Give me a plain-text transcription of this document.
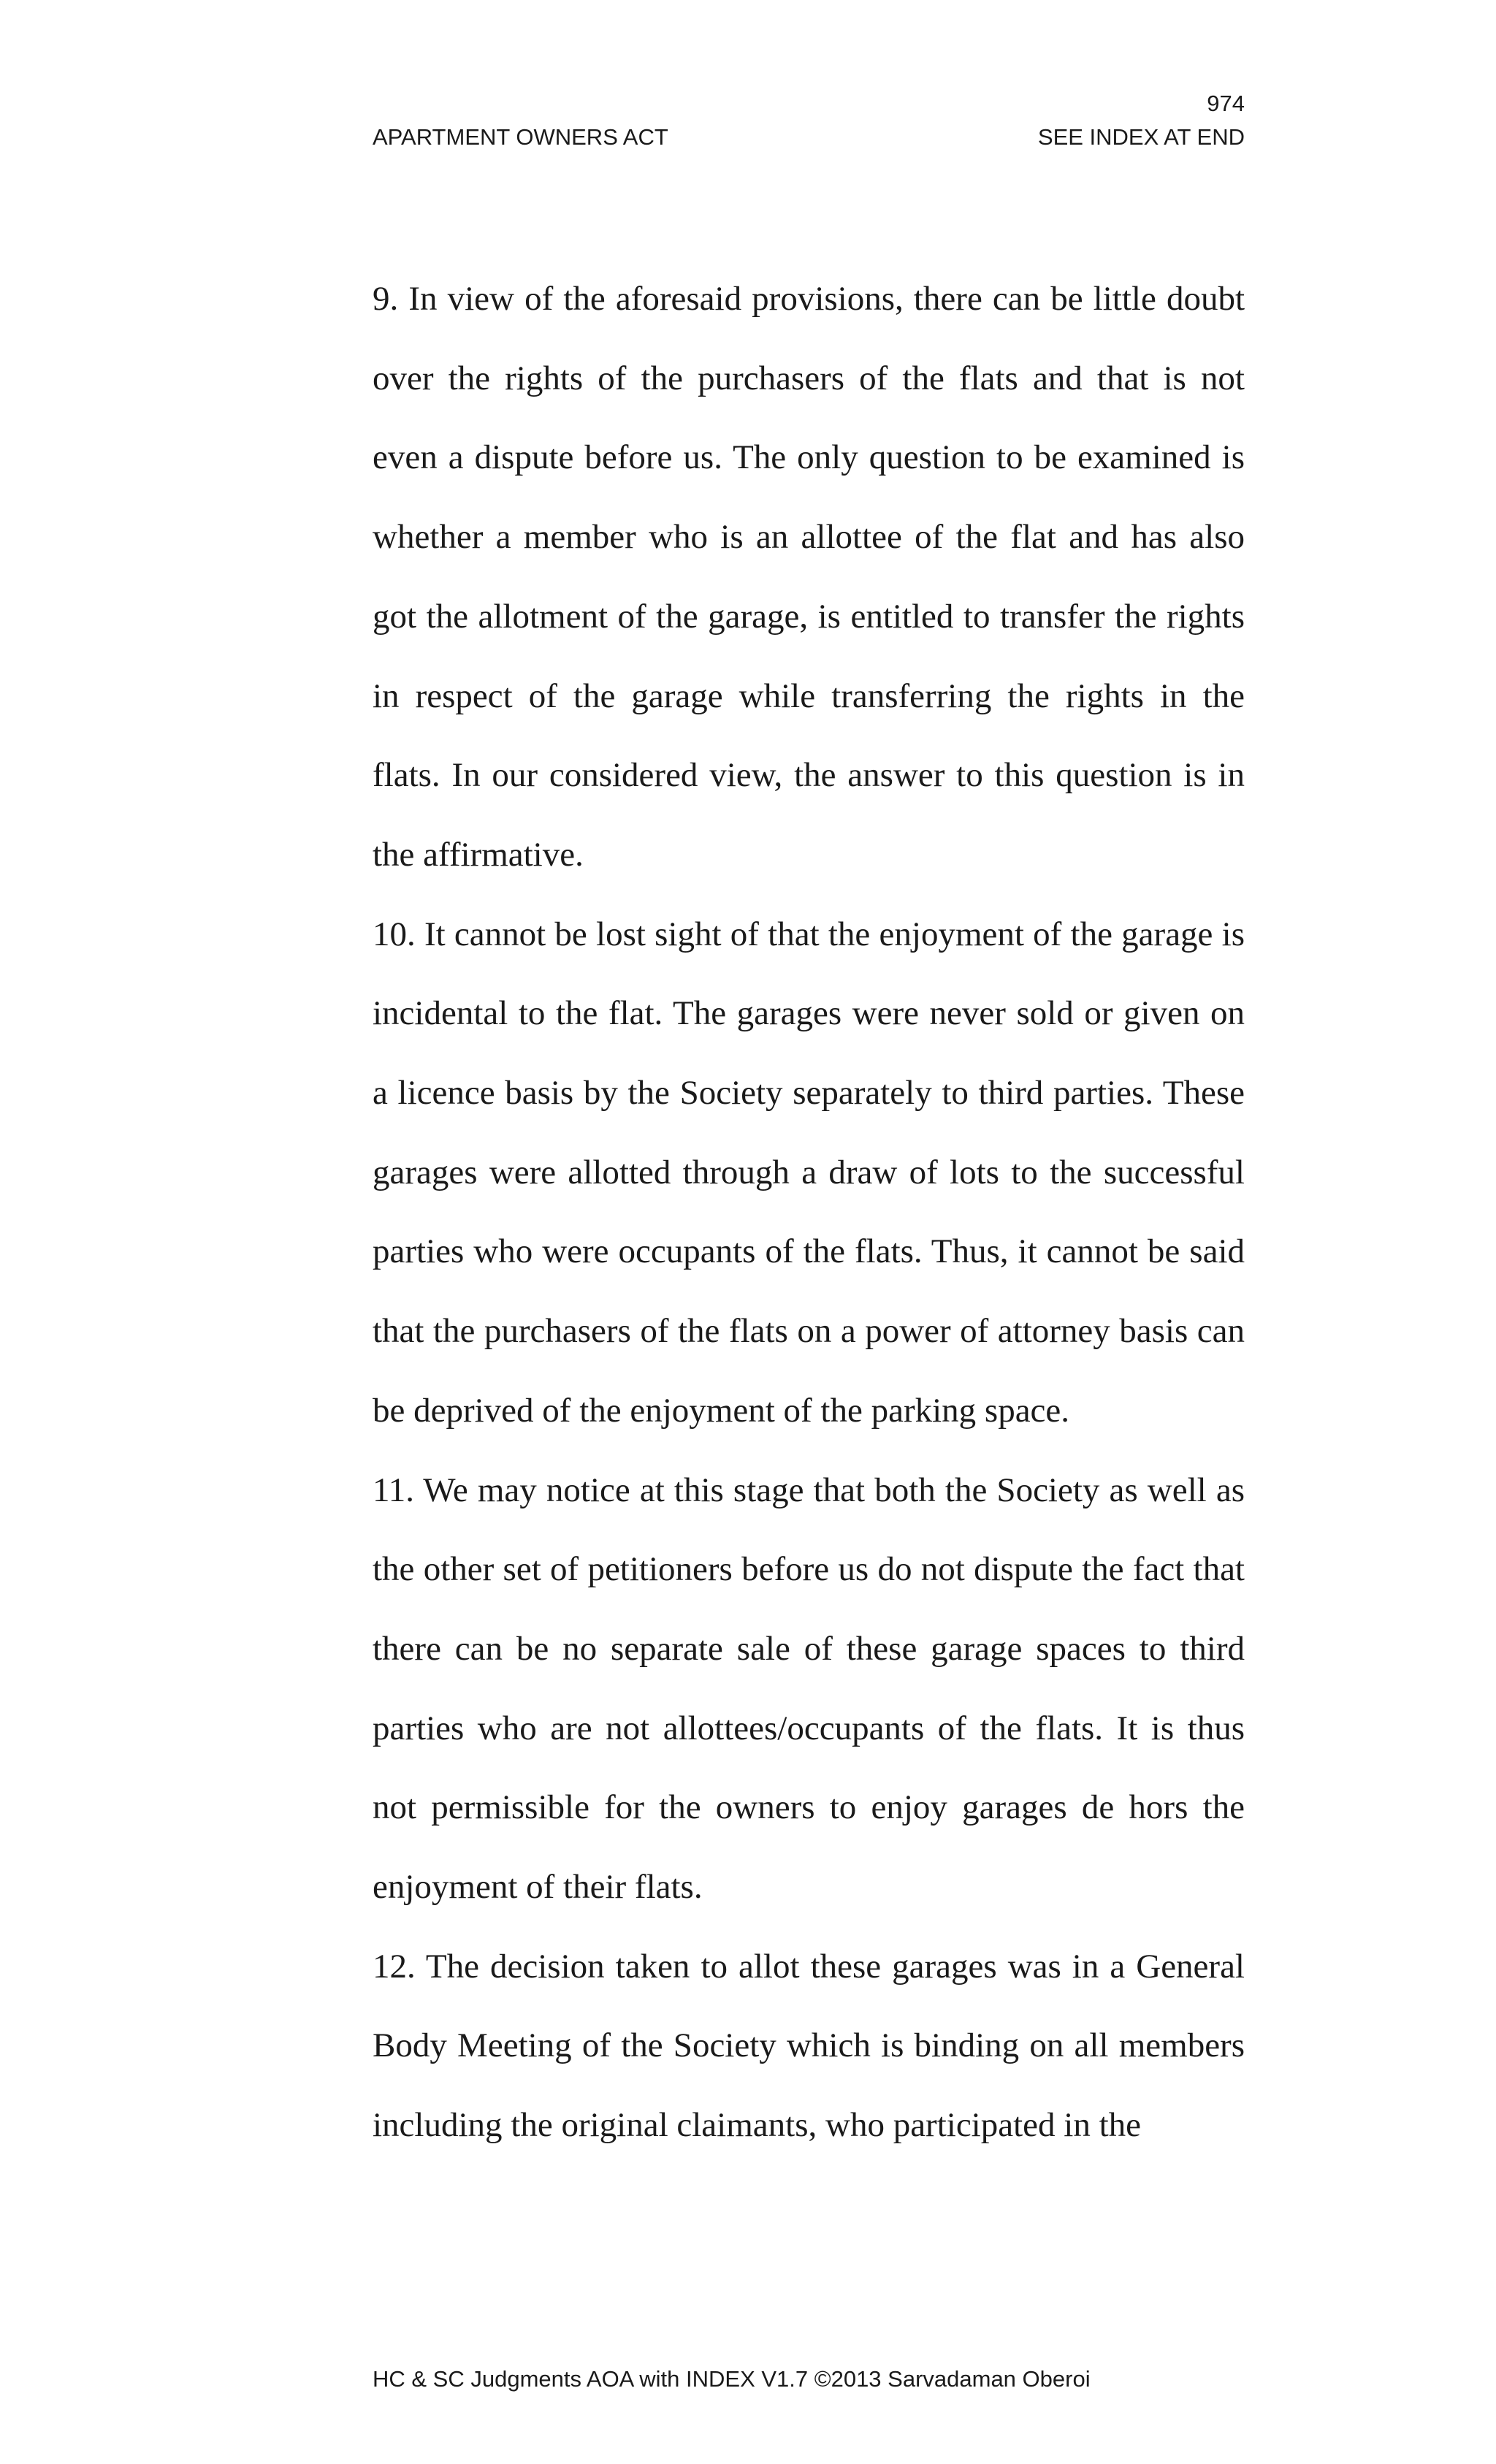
974
APARTMENT OWNERS ACT	SEE INDEX AT END

9. In view of the aforesaid provisions, there can be little doubt over the rights of the purchasers of the flats and that is not even a dispute before us. The only question to be examined is whether a member who is an allottee of the flat and has also got the allotment of the garage, is entitled to transfer the rights in respect of the garage while transferring the rights in the flats. In our considered view, the answer to this question is in the affirmative.

10. It cannot be lost sight of that the enjoyment of the garage is incidental to the flat. The garages were never sold or given on a licence basis by the Society separately to third parties. These garages were allotted through a draw of lots to the successful parties who were occupants of the flats. Thus, it cannot be said that the purchasers of the flats on a power of attorney basis can be deprived of the enjoyment of the parking space.

11. We may notice at this stage that both the Society as well as the other set of petitioners before us do not dispute the fact that there can be no separate sale of these garage spaces to third parties who are not allottees/occupants of the flats. It is thus not permissible for the owners to enjoy garages de hors the enjoyment of their flats.

12. The decision taken to allot these garages was in a General Body Meeting of the Society which is binding on all members including the original claimants, who participated in the

HC & SC Judgments AOA with INDEX V1.7 ©2013 Sarvadaman Oberoi
